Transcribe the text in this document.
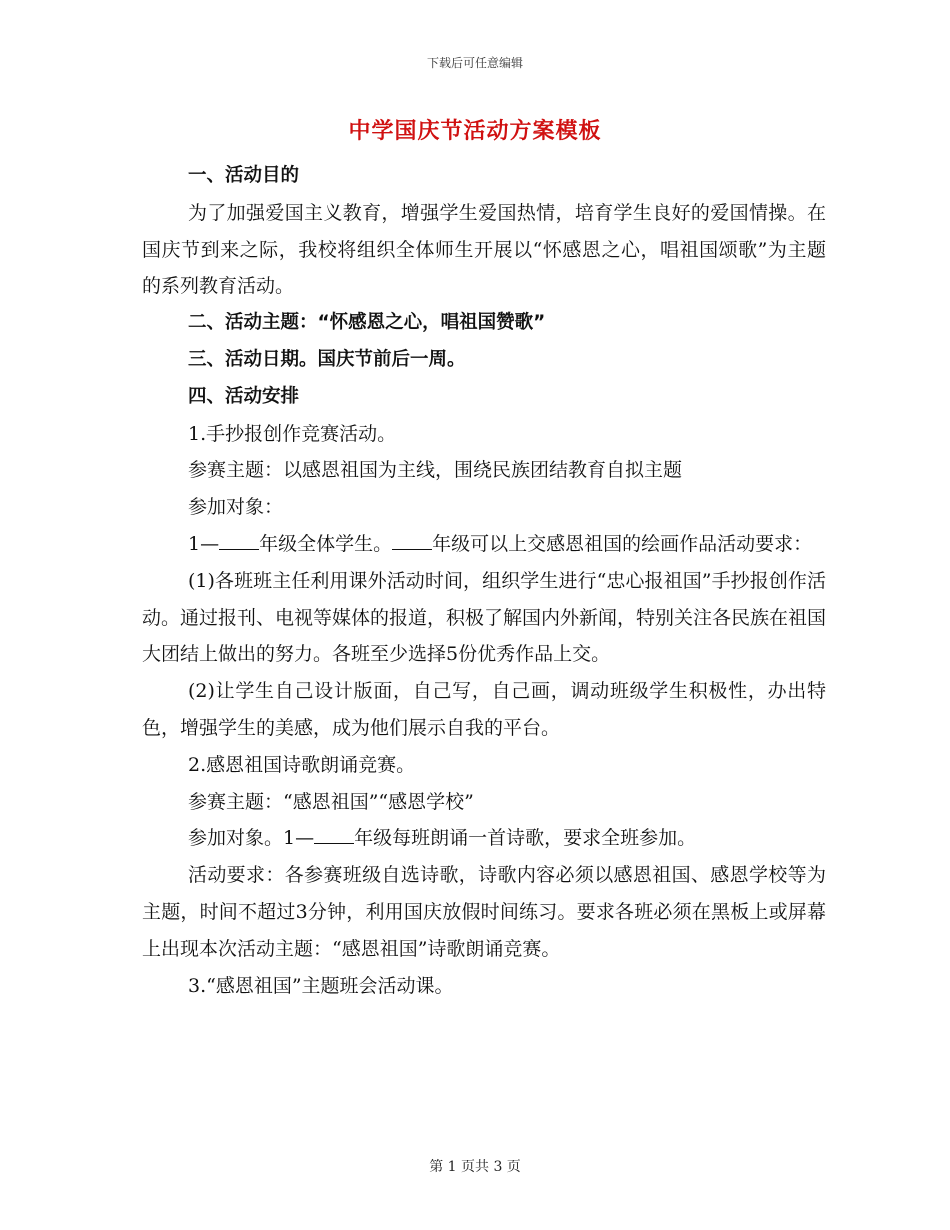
下载后可任意编辑
中学国庆节活动方案模板

一、活动目的

为了加强爱国主义教育，增强学生爱国热情，培育学生良好的爱国情操。在国庆节到来之际，我校将组织全体师生开展以“怀感恩之心，唱祖国颂歌”为主题的系列教育活动。

二、活动主题：“怀感恩之心，唱祖国赞歌”

三、活动日期。国庆节前后一周。

四、活动安排

1.手抄报创作竞赛活动。

参赛主题：以感恩祖国为主线，围绕民族团结教育自拟主题

参加对象：

1— 年级全体学生。 年级可以上交感恩祖国的绘画作品活动要求：

(1)各班班主任利用课外活动时间，组织学生进行“忠心报祖国”手抄报创作活动。通过报刊、电视等媒体的报道，积极了解国内外新闻，特别关注各民族在祖国大团结上做出的努力。各班至少选择5份优秀作品上交。

(2)让学生自己设计版面，自己写，自己画，调动班级学生积极性，办出特色，增强学生的美感，成为他们展示自我的平台。

2.感恩祖国诗歌朗诵竞赛。

参赛主题：“感恩祖国”“感恩学校”

参加对象。1— 年级每班朗诵一首诗歌，要求全班参加。

活动要求：各参赛班级自选诗歌，诗歌内容必须以感恩祖国、感恩学校等为主题，时间不超过3分钟，利用国庆放假时间练习。要求各班必须在黑板上或屏幕上出现本次活动主题：“感恩祖国”诗歌朗诵竞赛。

3.“感恩祖国”主题班会活动课。

第 1 页共 3 页
